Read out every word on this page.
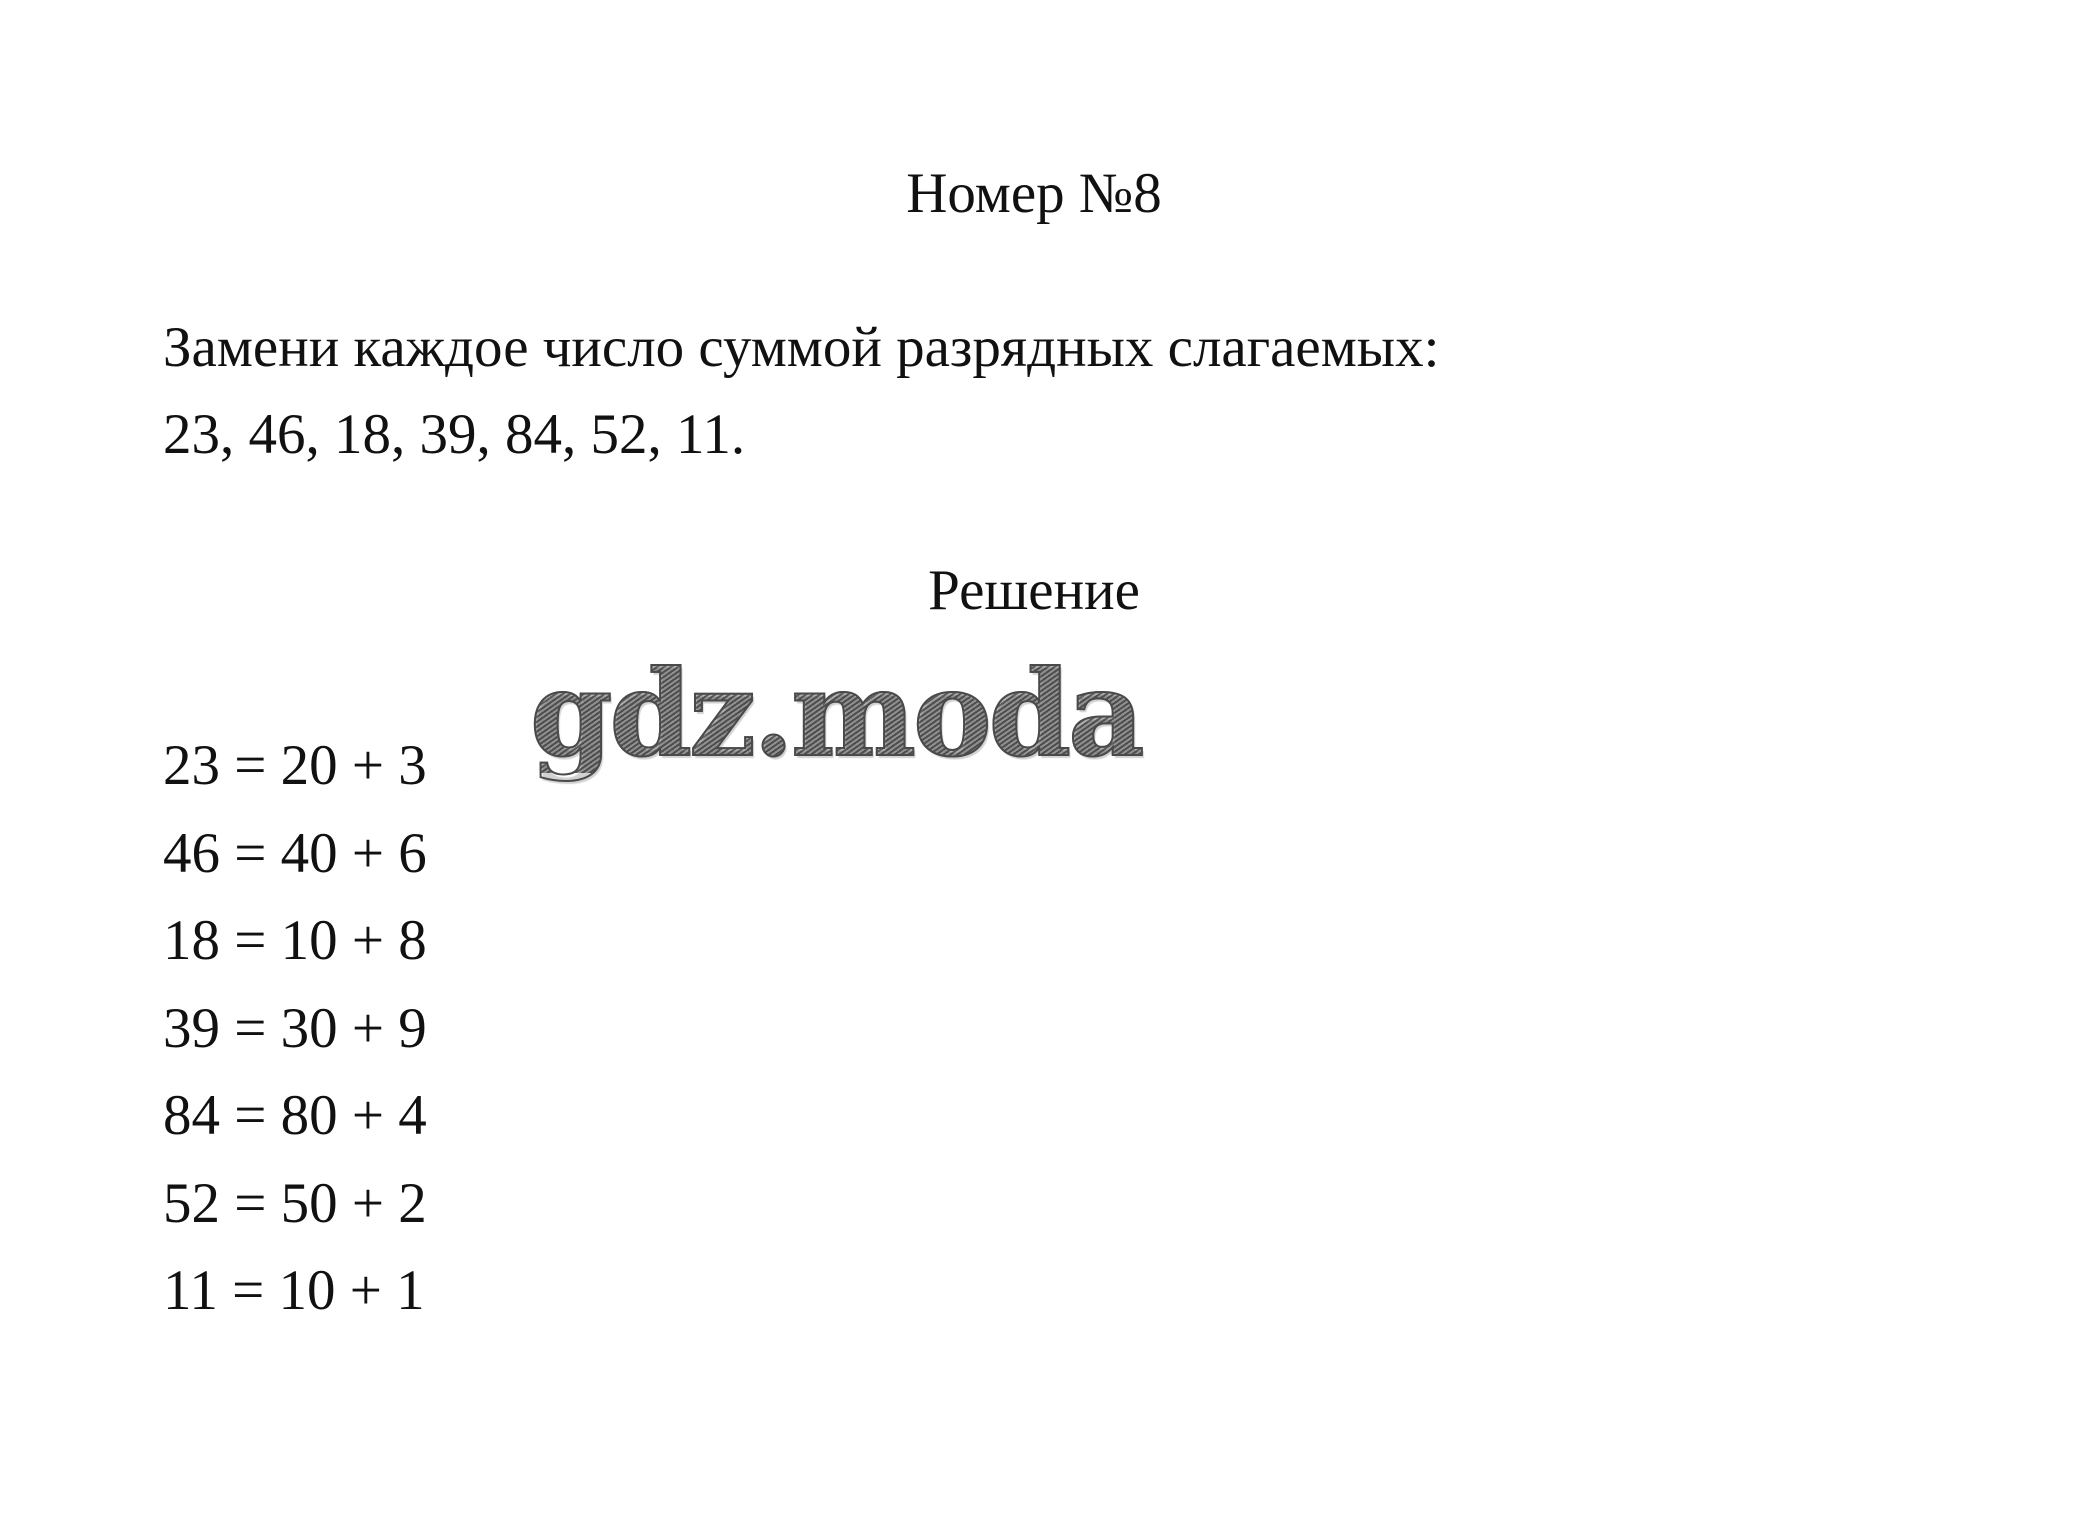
Номер №8
Замени каждое число суммой разрядных слагаемых:
23, 46, 18, 39, 84, 52, 11.
Решение
23 = 20 + 3
46 = 40 + 6
18 = 10 + 8
39 = 30 + 9
84 = 80 + 4
52 = 50 + 2
11 = 10 + 1
gdz.moda
